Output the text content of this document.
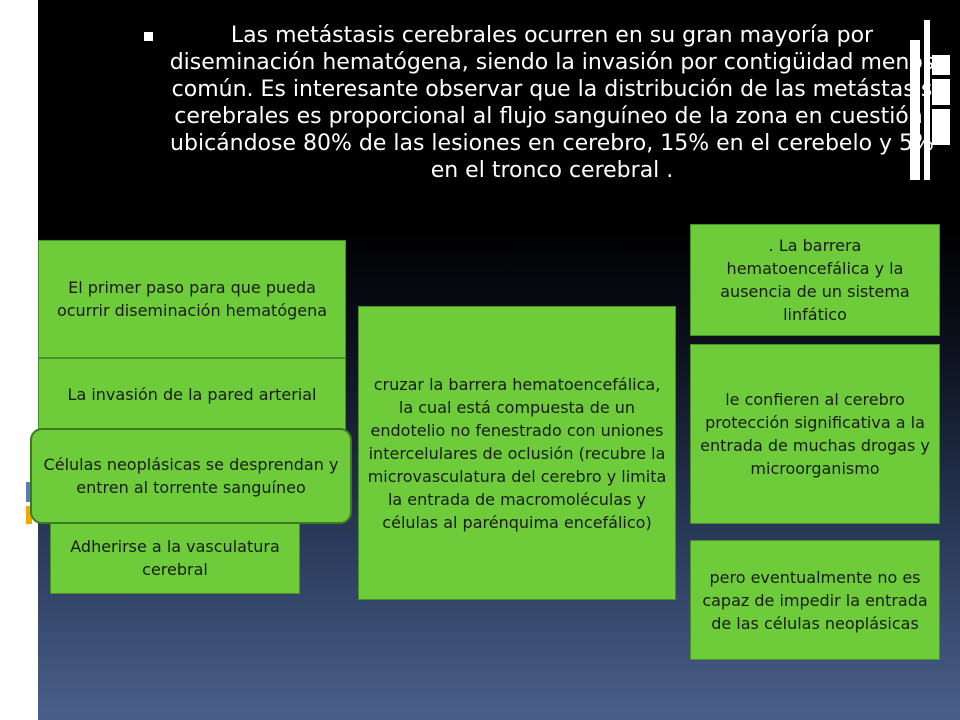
Las metástasis cerebrales ocurren en su gran mayoría por diseminación hematógena, siendo la invasión por contigüidad menos común. Es interesante observar que la distribución de las metástasis cerebrales es proporcional al flujo sanguíneo de la zona en cuestión, ubicándose 80% de las lesiones en cerebro, 15% en el cerebelo y 5% en el tronco cerebral .

El primer paso para que pueda ocurrir diseminación hematógena
La invasión de la pared arterial
Adherirse a la vasculatura cerebral
Células neoplásicas se desprendan y entren al torrente sanguíneo
cruzar la barrera hematoencefálica, la cual está compuesta de un endotelio no fenestrado con uniones intercelulares de oclusión (recubre la microvasculatura del cerebro y limita la entrada de macromoléculas y células al parénquima encefálico)
. La barrera hematoencefálica y la ausencia de un sistema linfático
le confieren al cerebro protección significativa a la entrada de muchas drogas y microorganismo
pero eventualmente no es capaz de impedir la entrada de las células neoplásicas
